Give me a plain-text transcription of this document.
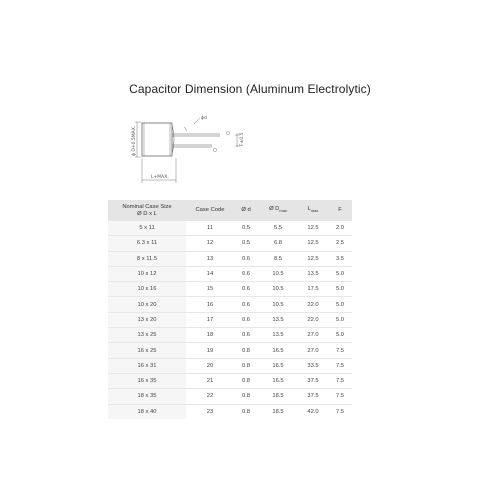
Capacitor Dimension (Aluminum Electrolytic)
ϕd
ϕ D+0.5MAX.	F±0.5
L+MAX.
Nominal Case Size
Ø D x L	Case Code	Ø d	Ø $D_{max}$	$L_{max}$	F
5 x 11	11	0.5	5.5	12.5	2.0
6.3 x 11	12	0.5	6.8	12.5	2.5
8 x 11.5	13	0.6	8.5	12.5	3.5
10 x 12	14	0.6	10.5	13.5	5.0
10 x 16	15	0.6	10.5	17.5	5.0
10 x 20	16	0.6	10.5	22.0	5.0
13 x 20	17	0.6	13.5	22.0	5.0
13 x 25	18	0.6	13.5	27.0	5.0
16 x 25	19	0.8	16.5	27.0	7.5
16 x 31	20	0.8	16.5	33.5	7.5
16 x 35	21	0.8	16.5	37.5	7.5
18 x 35	22	0.8	18.5	37.5	7.5
18 x 40	23	0.8	18.5	42.0	7.5
